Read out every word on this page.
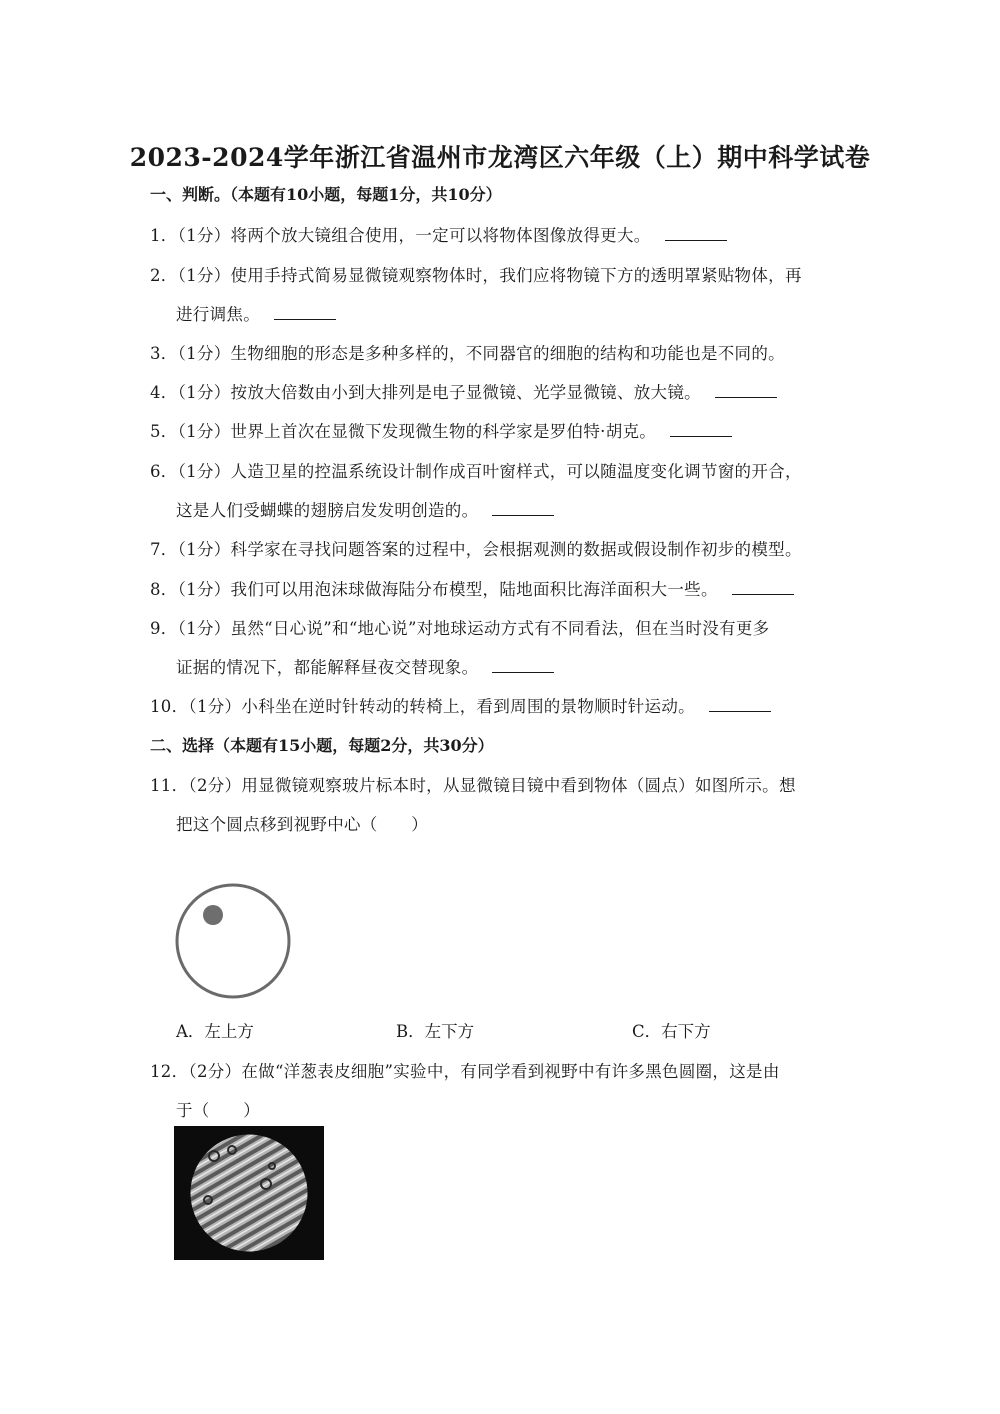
2023-2024学年浙江省温州市龙湾区六年级（上）期中科学试卷
一、判断。（本题有10小题，每题1分，共10分）
1．（1分）将两个放大镜组合使用，一定可以将物体图像放得更大。
2．（1分）使用手持式简易显微镜观察物体时，我们应将物镜下方的透明罩紧贴物体，再
进行调焦。
3．（1分）生物细胞的形态是多种多样的，不同器官的细胞的结构和功能也是不同的。
4．（1分）按放大倍数由小到大排列是电子显微镜、光学显微镜、放大镜。
5．（1分）世界上首次在显微下发现微生物的科学家是罗伯特·胡克。
6．（1分）人造卫星的控温系统设计制作成百叶窗样式，可以随温度变化调节窗的开合，
这是人们受蝴蝶的翅膀启发发明创造的。
7．（1分）科学家在寻找问题答案的过程中，会根据观测的数据或假设制作初步的模型。
8．（1分）我们可以用泡沫球做海陆分布模型，陆地面积比海洋面积大一些。
9．（1分）虽然“日心说”和“地心说”对地球运动方式有不同看法，但在当时没有更多
证据的情况下，都能解释昼夜交替现象。
10．（1分）小科坐在逆时针转动的转椅上，看到周围的景物顺时针运动。
二、选择（本题有15小题，每题2分，共30分）
11．（2分）用显微镜观察玻片标本时，从显微镜目镜中看到物体（圆点）如图所示。想
把这个圆点移到视野中心（　　）
A．左上方	B．左下方	C．右下方
12．（2分）在做“洋葱表皮细胞”实验中，有同学看到视野中有许多黑色圆圈，这是由
于（　　）
